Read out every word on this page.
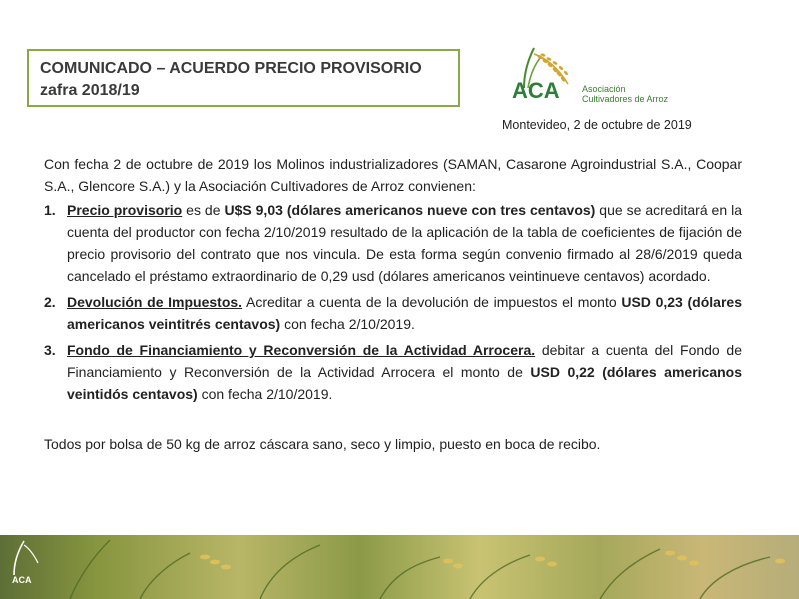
COMUNICADO – ACUERDO PRECIO PROVISORIO
zafra 2018/19	ACA Asociación
Cultivadores de Arroz
Montevideo, 2 de octubre de 2019

Con fecha 2 de octubre de 2019 los Molinos industrializadores (SAMAN, Casarone Agroindustrial S.A., Coopar S.A., Glencore S.A.) y la Asociación Cultivadores de Arroz convienen:

1. Precio provisorio es de U$S 9,03 (dólares americanos nueve con tres centavos) que se acreditará en la cuenta del productor con fecha 2/10/2019 resultado de la aplicación de la tabla de coeficientes de fijación de precio provisorio del contrato que nos vincula. De esta forma según convenio firmado al 28/6/2019 queda cancelado el préstamo extraordinario de 0,29 usd (dólares americanos veintinueve centavos) acordado.
2. Devolución de Impuestos. Acreditar a cuenta de la devolución de impuestos el monto USD 0,23 (dólares americanos veintitrés centavos) con fecha 2/10/2019.
3. Fondo de Financiamiento y Reconversión de la Actividad Arrocera. debitar a cuenta del Fondo de Financiamiento y Reconversión de la Actividad Arrocera el monto de USD 0,22 (dólares americanos veintidós centavos) con fecha 2/10/2019.
Todos por bolsa de 50 kg de arroz cáscara sano, seco y limpio, puesto en boca de recibo.
ACA
